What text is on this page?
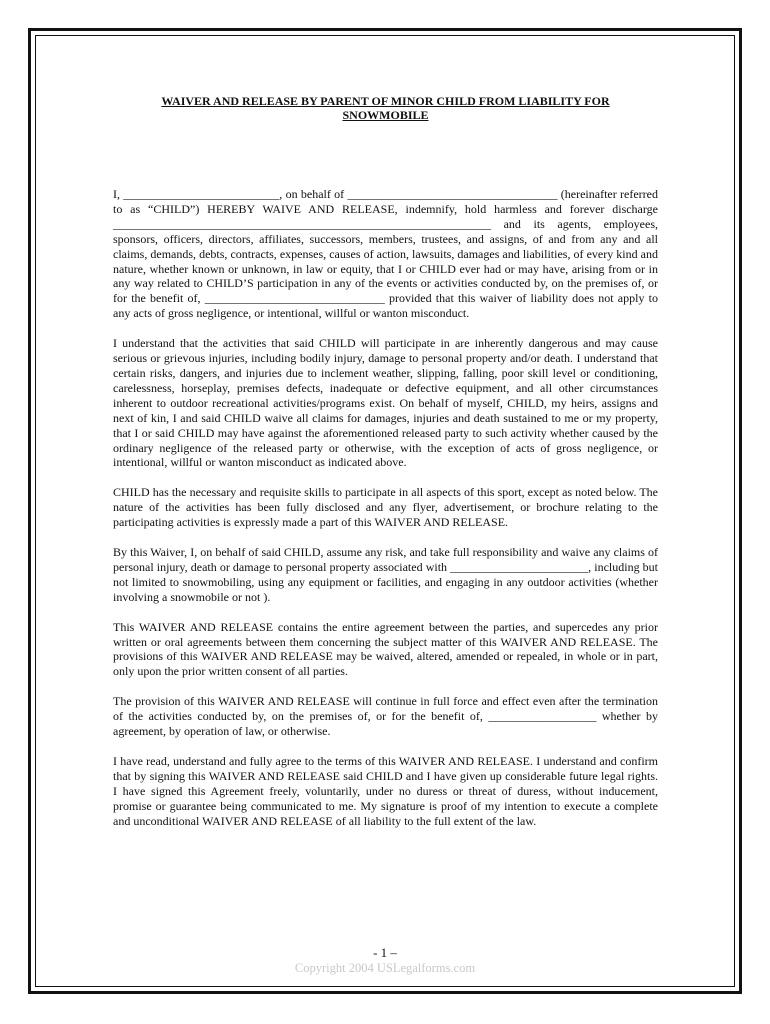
WAIVER AND RELEASE BY PARENT OF MINOR CHILD FROM LIABILITY FOR SNOWMOBILE

I, __________________________, on behalf of ___________________________________ (hereinafter referred to as “CHILD”) HEREBY WAIVE AND RELEASE, indemnify, hold harmless and forever discharge _______________________________________________________________ and its agents, employees, sponsors, officers, directors, affiliates, successors, members, trustees, and assigns, of and from any and all claims, demands, debts, contracts, expenses, causes of action, lawsuits, damages and liabilities, of every kind and nature, whether known or unknown, in law or equity, that I or CHILD ever had or may have, arising from or in any way related to CHILD’S participation in any of the events or activities conducted by, on the premises of, or for the benefit of, ______________________________ provided that this waiver of liability does not apply to any acts of gross negligence, or intentional, willful or wanton misconduct.

I understand that the activities that said CHILD will participate in are inherently dangerous and may cause serious or grievous injuries, including bodily injury, damage to personal property and/or death. I understand that certain risks, dangers, and injuries due to inclement weather, slipping, falling, poor skill level or conditioning, carelessness, horseplay, premises defects, inadequate or defective equipment, and all other circumstances inherent to outdoor recreational activities/programs exist. On behalf of myself, CHILD, my heirs, assigns and next of kin, I and said CHILD waive all claims for damages, injuries and death sustained to me or my property, that I or said CHILD may have against the aforementioned released party to such activity whether caused by the ordinary negligence of the released party or otherwise, with the exception of acts of gross negligence, or intentional, willful or wanton misconduct as indicated above.

CHILD has the necessary and requisite skills to participate in all aspects of this sport, except as noted below. The nature of the activities has been fully disclosed and any flyer, advertisement, or brochure relating to the participating activities is expressly made a part of this WAIVER AND RELEASE.

By this Waiver, I, on behalf of said CHILD, assume any risk, and take full responsibility and waive any claims of personal injury, death or damage to personal property associated with _______________________, including but not limited to snowmobiling, using any equipment or facilities, and engaging in any outdoor activities (whether involving a snowmobile or not ).

This WAIVER AND RELEASE contains the entire agreement between the parties, and supercedes any prior written or oral agreements between them concerning the subject matter of this WAIVER AND RELEASE. The provisions of this WAIVER AND RELEASE may be waived, altered, amended or repealed, in whole or in part, only upon the prior written consent of all parties.

The provision of this WAIVER AND RELEASE will continue in full force and effect even after the termination of the activities conducted by, on the premises of, or for the benefit of, __________________ whether by agreement, by operation of law, or otherwise.

I have read, understand and fully agree to the terms of this WAIVER AND RELEASE. I understand and confirm that by signing this WAIVER AND RELEASE said CHILD and I have given up considerable future legal rights. I have signed this Agreement freely, voluntarily, under no duress or threat of duress, without inducement, promise or guarantee being communicated to me. My signature is proof of my intention to execute a complete and unconditional WAIVER AND RELEASE of all liability to the full extent of the law.

- 1 –
Copyright 2004 USLegalforms.com
